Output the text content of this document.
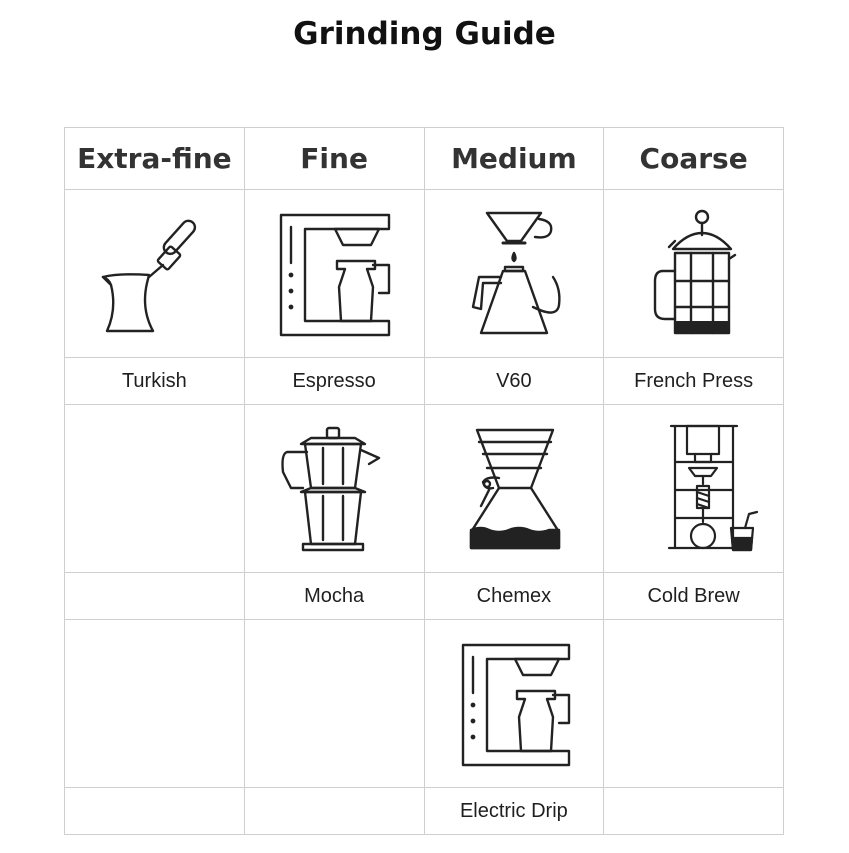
Grinding Guide
Extra-fine	Fine	Medium	Coarse

Turkish	Espresso	V60	French Press

	Mocha	Chemex	Cold Brew

		Electric Drip	
